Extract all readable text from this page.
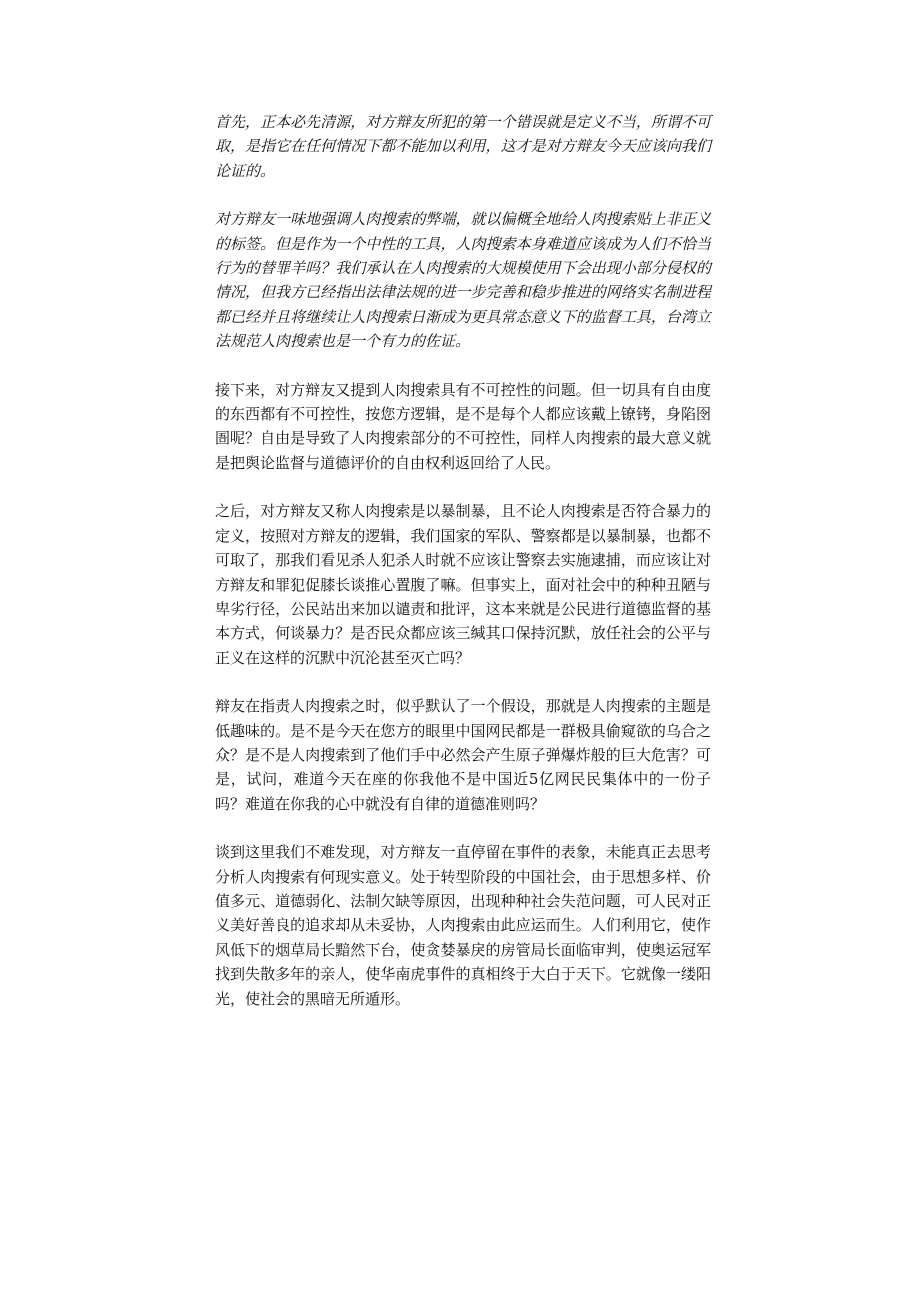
首先，正本必先清源，对方辩友所犯的第一个错误就是定义不当，所谓不可取，是指它在任何情况下都不能加以利用，这才是对方辩友今天应该向我们论证的。

对方辩友一味地强调人肉搜索的弊端，就以偏概全地给人肉搜索贴上非正义的标签。但是作为一个中性的工具，人肉搜索本身难道应该成为人们不恰当行为的替罪羊吗？我们承认在人肉搜索的大规模使用下会出现小部分侵权的情况，但我方已经指出法律法规的进一步完善和稳步推进的网络实名制进程都已经并且将继续让人肉搜索日渐成为更具常态意义下的监督工具，台湾立法规范人肉搜索也是一个有力的佐证。

接下来，对方辩友又提到人肉搜索具有不可控性的问题。但一切具有自由度的东西都有不可控性，按您方逻辑，是不是每个人都应该戴上镣铐，身陷囹圄呢？自由是导致了人肉搜索部分的不可控性，同样人肉搜索的最大意义就是把舆论监督与道德评价的自由权利返回给了人民。

之后，对方辩友又称人肉搜索是以暴制暴，且不论人肉搜索是否符合暴力的定义，按照对方辩友的逻辑，我们国家的军队、警察都是以暴制暴，也都不可取了，那我们看见杀人犯杀人时就不应该让警察去实施逮捕，而应该让对方辩友和罪犯促膝长谈推心置腹了嘛。但事实上，面对社会中的种种丑陋与卑劣行径，公民站出来加以谴责和批评，这本来就是公民进行道德监督的基本方式，何谈暴力？是否民众都应该三缄其口保持沉默，放任社会的公平与正义在这样的沉默中沉沦甚至灭亡吗？

辩友在指责人肉搜索之时，似乎默认了一个假设，那就是人肉搜索的主题是低趣味的。是不是今天在您方的眼里中国网民都是一群极具偷窥欲的乌合之众？是不是人肉搜索到了他们手中必然会产生原子弹爆炸般的巨大危害？可是，试问，难道今天在座的你我他不是中国近5亿网民民集体中的一份子吗？难道在你我的心中就没有自律的道德准则吗？

谈到这里我们不难发现，对方辩友一直停留在事件的表象，未能真正去思考分析人肉搜索有何现实意义。处于转型阶段的中国社会，由于思想多样、价值多元、道德弱化、法制欠缺等原因，出现种种社会失范问题，可人民对正义美好善良的追求却从未妥协，人肉搜索由此应运而生。人们利用它，使作风低下的烟草局长黯然下台，使贪婪暴戾的房管局长面临审判，使奥运冠军找到失散多年的亲人，使华南虎事件的真相终于大白于天下。它就像一缕阳光，使社会的黑暗无所遁形。
